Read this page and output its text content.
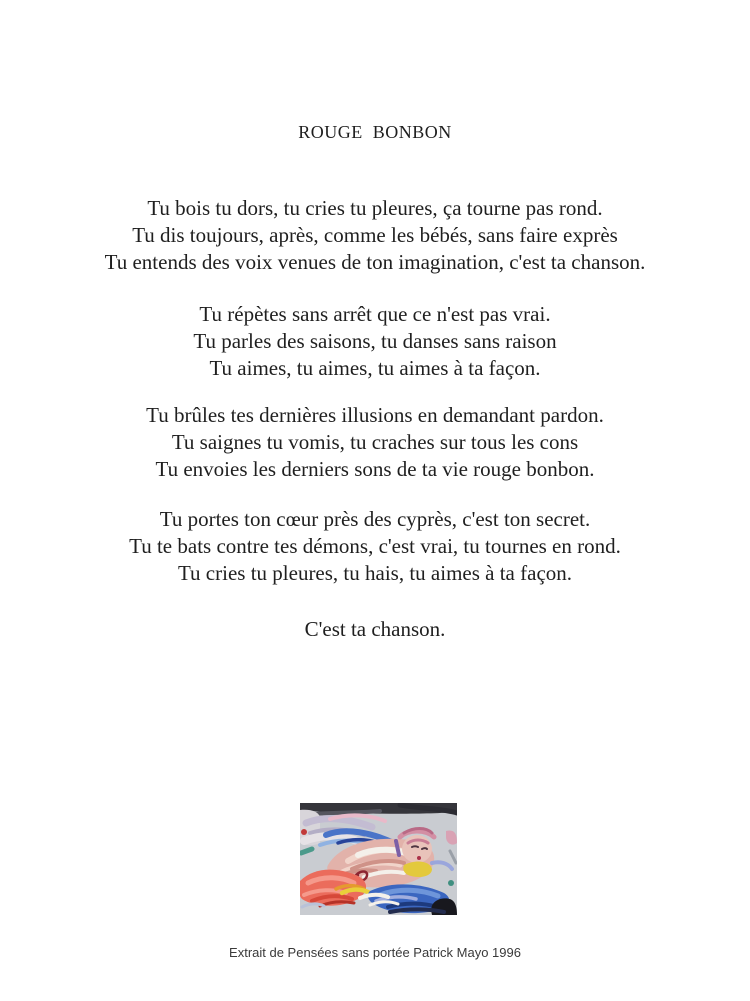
ROUGE  BONBON
Tu bois tu dors, tu cries tu pleures, ça tourne pas rond.
Tu dis toujours, après, comme les bébés, sans faire exprès
Tu entends des voix venues de ton imagination, c'est ta chanson.
Tu répètes sans arrêt que ce n'est pas vrai.
Tu parles des saisons, tu danses sans raison
Tu aimes, tu aimes, tu aimes à ta façon.
Tu brûles tes dernières illusions en demandant pardon.
Tu saignes tu vomis, tu craches sur tous les cons
Tu envoies les derniers sons de ta vie rouge bonbon.
Tu portes ton cœur près des cyprès, c'est ton secret.
Tu te bats contre tes démons, c'est vrai, tu tournes en rond.
Tu cries tu pleures, tu hais, tu aimes à ta façon.
C'est ta chanson.
Extrait de Pensées sans portée Patrick Mayo 1996
